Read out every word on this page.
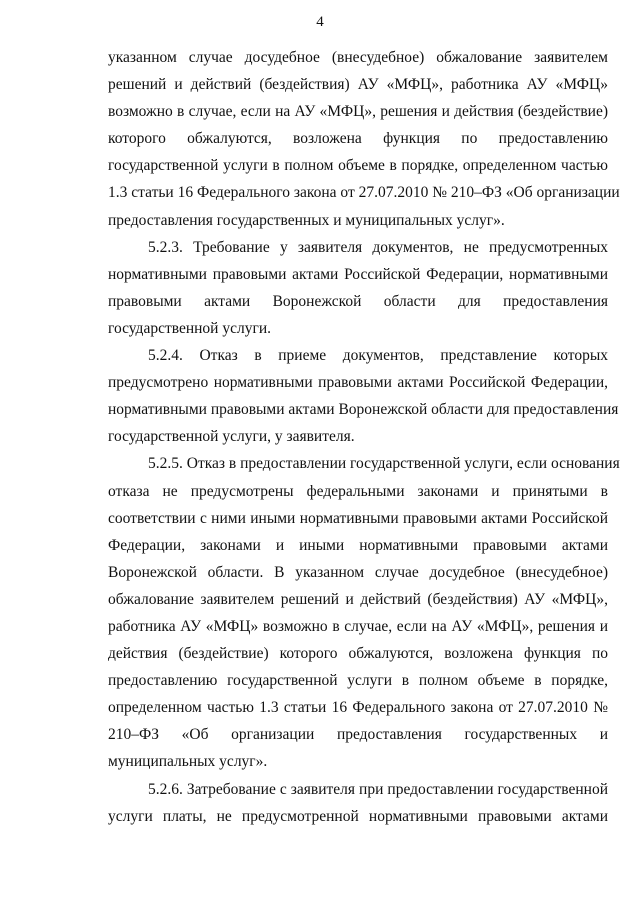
4
указанном случае досудебное (внесудебное) обжалование заявителем
решений и действий (бездействия) АУ «МФЦ», работника АУ «МФЦ»
возможно в случае, если на АУ «МФЦ», решения и действия (бездействие)
которого обжалуются, возложена функция по предоставлению
государственной услуги в полном объеме в порядке, определенном частью
1.3 статьи 16 Федерального закона от 27.07.2010 № 210–ФЗ «Об организации
предоставления государственных и муниципальных услуг».
5.2.3. Требование у заявителя документов, не предусмотренных
нормативными правовыми актами Российской Федерации, нормативными
правовыми актами Воронежской области для предоставления
государственной услуги.
5.2.4. Отказ в приеме документов, представление которых
предусмотрено нормативными правовыми актами Российской Федерации,
нормативными правовыми актами Воронежской области для предоставления
государственной услуги, у заявителя.
5.2.5. Отказ в предоставлении государственной услуги, если основания
отказа не предусмотрены федеральными законами и принятыми в
соответствии с ними иными нормативными правовыми актами Российской
Федерации, законами и иными нормативными правовыми актами
Воронежской области. В указанном случае досудебное (внесудебное)
обжалование заявителем решений и действий (бездействия) АУ «МФЦ»,
работника АУ «МФЦ» возможно в случае, если на АУ «МФЦ», решения и
действия (бездействие) которого обжалуются, возложена функция по
предоставлению государственной услуги в полном объеме в порядке,
определенном частью 1.3 статьи 16 Федерального закона от 27.07.2010 №
210–ФЗ «Об организации предоставления государственных и
муниципальных услуг».
5.2.6. Затребование с заявителя при предоставлении государственной
услуги платы, не предусмотренной нормативными правовыми актами
